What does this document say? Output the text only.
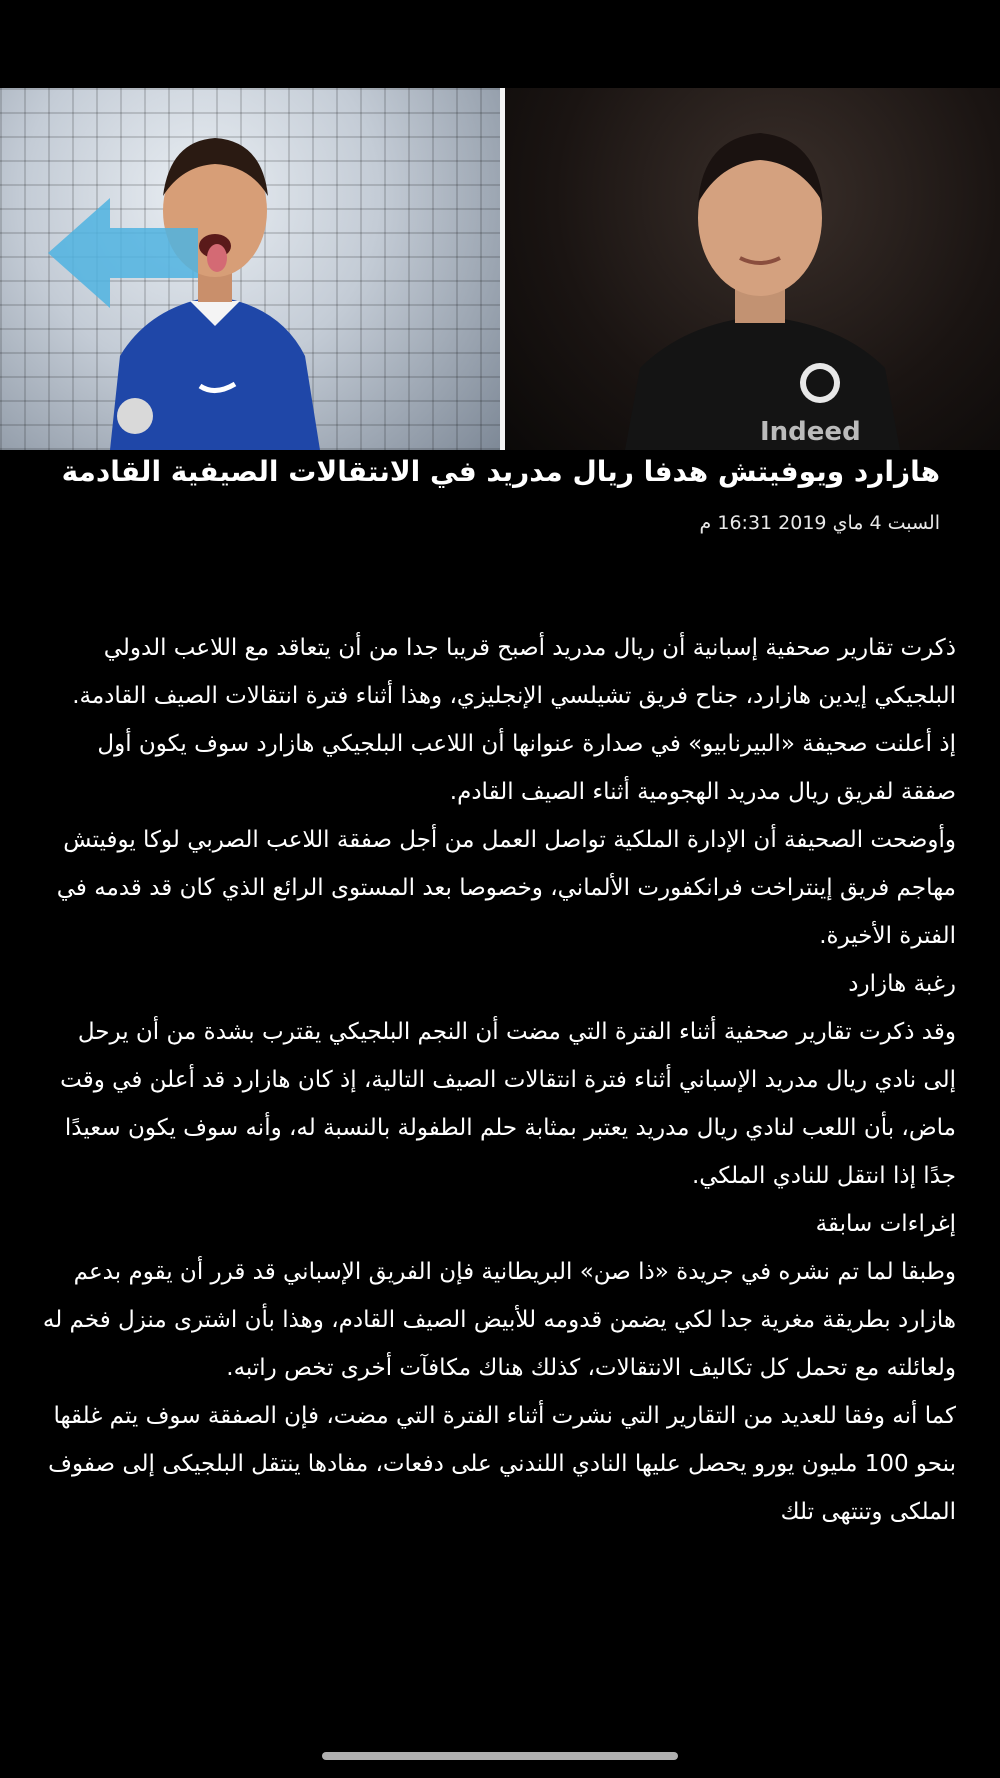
Indeed
هازارد ويوفيتش هدفا ريال مدريد في الانتقالات الصيفية القادمة
السبت 4 ماي 2019 16:31 م

ذكرت تقارير صحفية إسبانية أن ريال مدريد أصبح قريبا جدا من أن يتعاقد مع اللاعب الدولي البلجيكي إيدين هازارد، جناح فريق تشيلسي الإنجليزي، وهذا أثناء فترة انتقالات الصيف القادمة.

إذ أعلنت صحيفة «البيرنابيو» في صدارة عنوانها أن اللاعب البلجيكي هازارد سوف يكون أول صفقة لفريق ريال مدريد الهجومية أثناء الصيف القادم.

وأوضحت الصحيفة أن الإدارة الملكية تواصل العمل من أجل صفقة اللاعب الصربي لوكا يوفيتش مهاجم فريق إينتراخت فرانكفورت الألماني، وخصوصا بعد المستوى الرائع الذي كان قد قدمه في الفترة الأخيرة.

رغبة هازارد

وقد ذكرت تقارير صحفية أثناء الفترة التي مضت أن النجم البلجيكي يقترب بشدة من أن يرحل إلى نادي ريال مدريد الإسباني أثناء فترة انتقالات الصيف التالية، إذ كان هازارد قد أعلن في وقت ماض، بأن اللعب لنادي ريال مدريد يعتبر بمثابة حلم الطفولة بالنسبة له، وأنه سوف يكون سعيدًا جدًا إذا انتقل للنادي الملكي.

إغراءات سابقة

وطبقا لما تم نشره في جريدة «ذا صن» البريطانية فإن الفريق الإسباني قد قرر أن يقوم بدعم هازارد بطريقة مغرية جدا لكي يضمن قدومه للأبيض الصيف القادم، وهذا بأن اشترى منزل فخم له ولعائلته مع تحمل كل تكاليف الانتقالات، كذلك هناك مكافآت أخرى تخص راتبه.

كما أنه وفقا للعديد من التقارير التي نشرت أثناء الفترة التي مضت، فإن الصفقة سوف يتم غلقها بنحو 100 مليون يورو يحصل عليها النادي اللندني على دفعات، مفادها ينتقل البلجيكى إلى صفوف الملكى وتنتهى تلك
